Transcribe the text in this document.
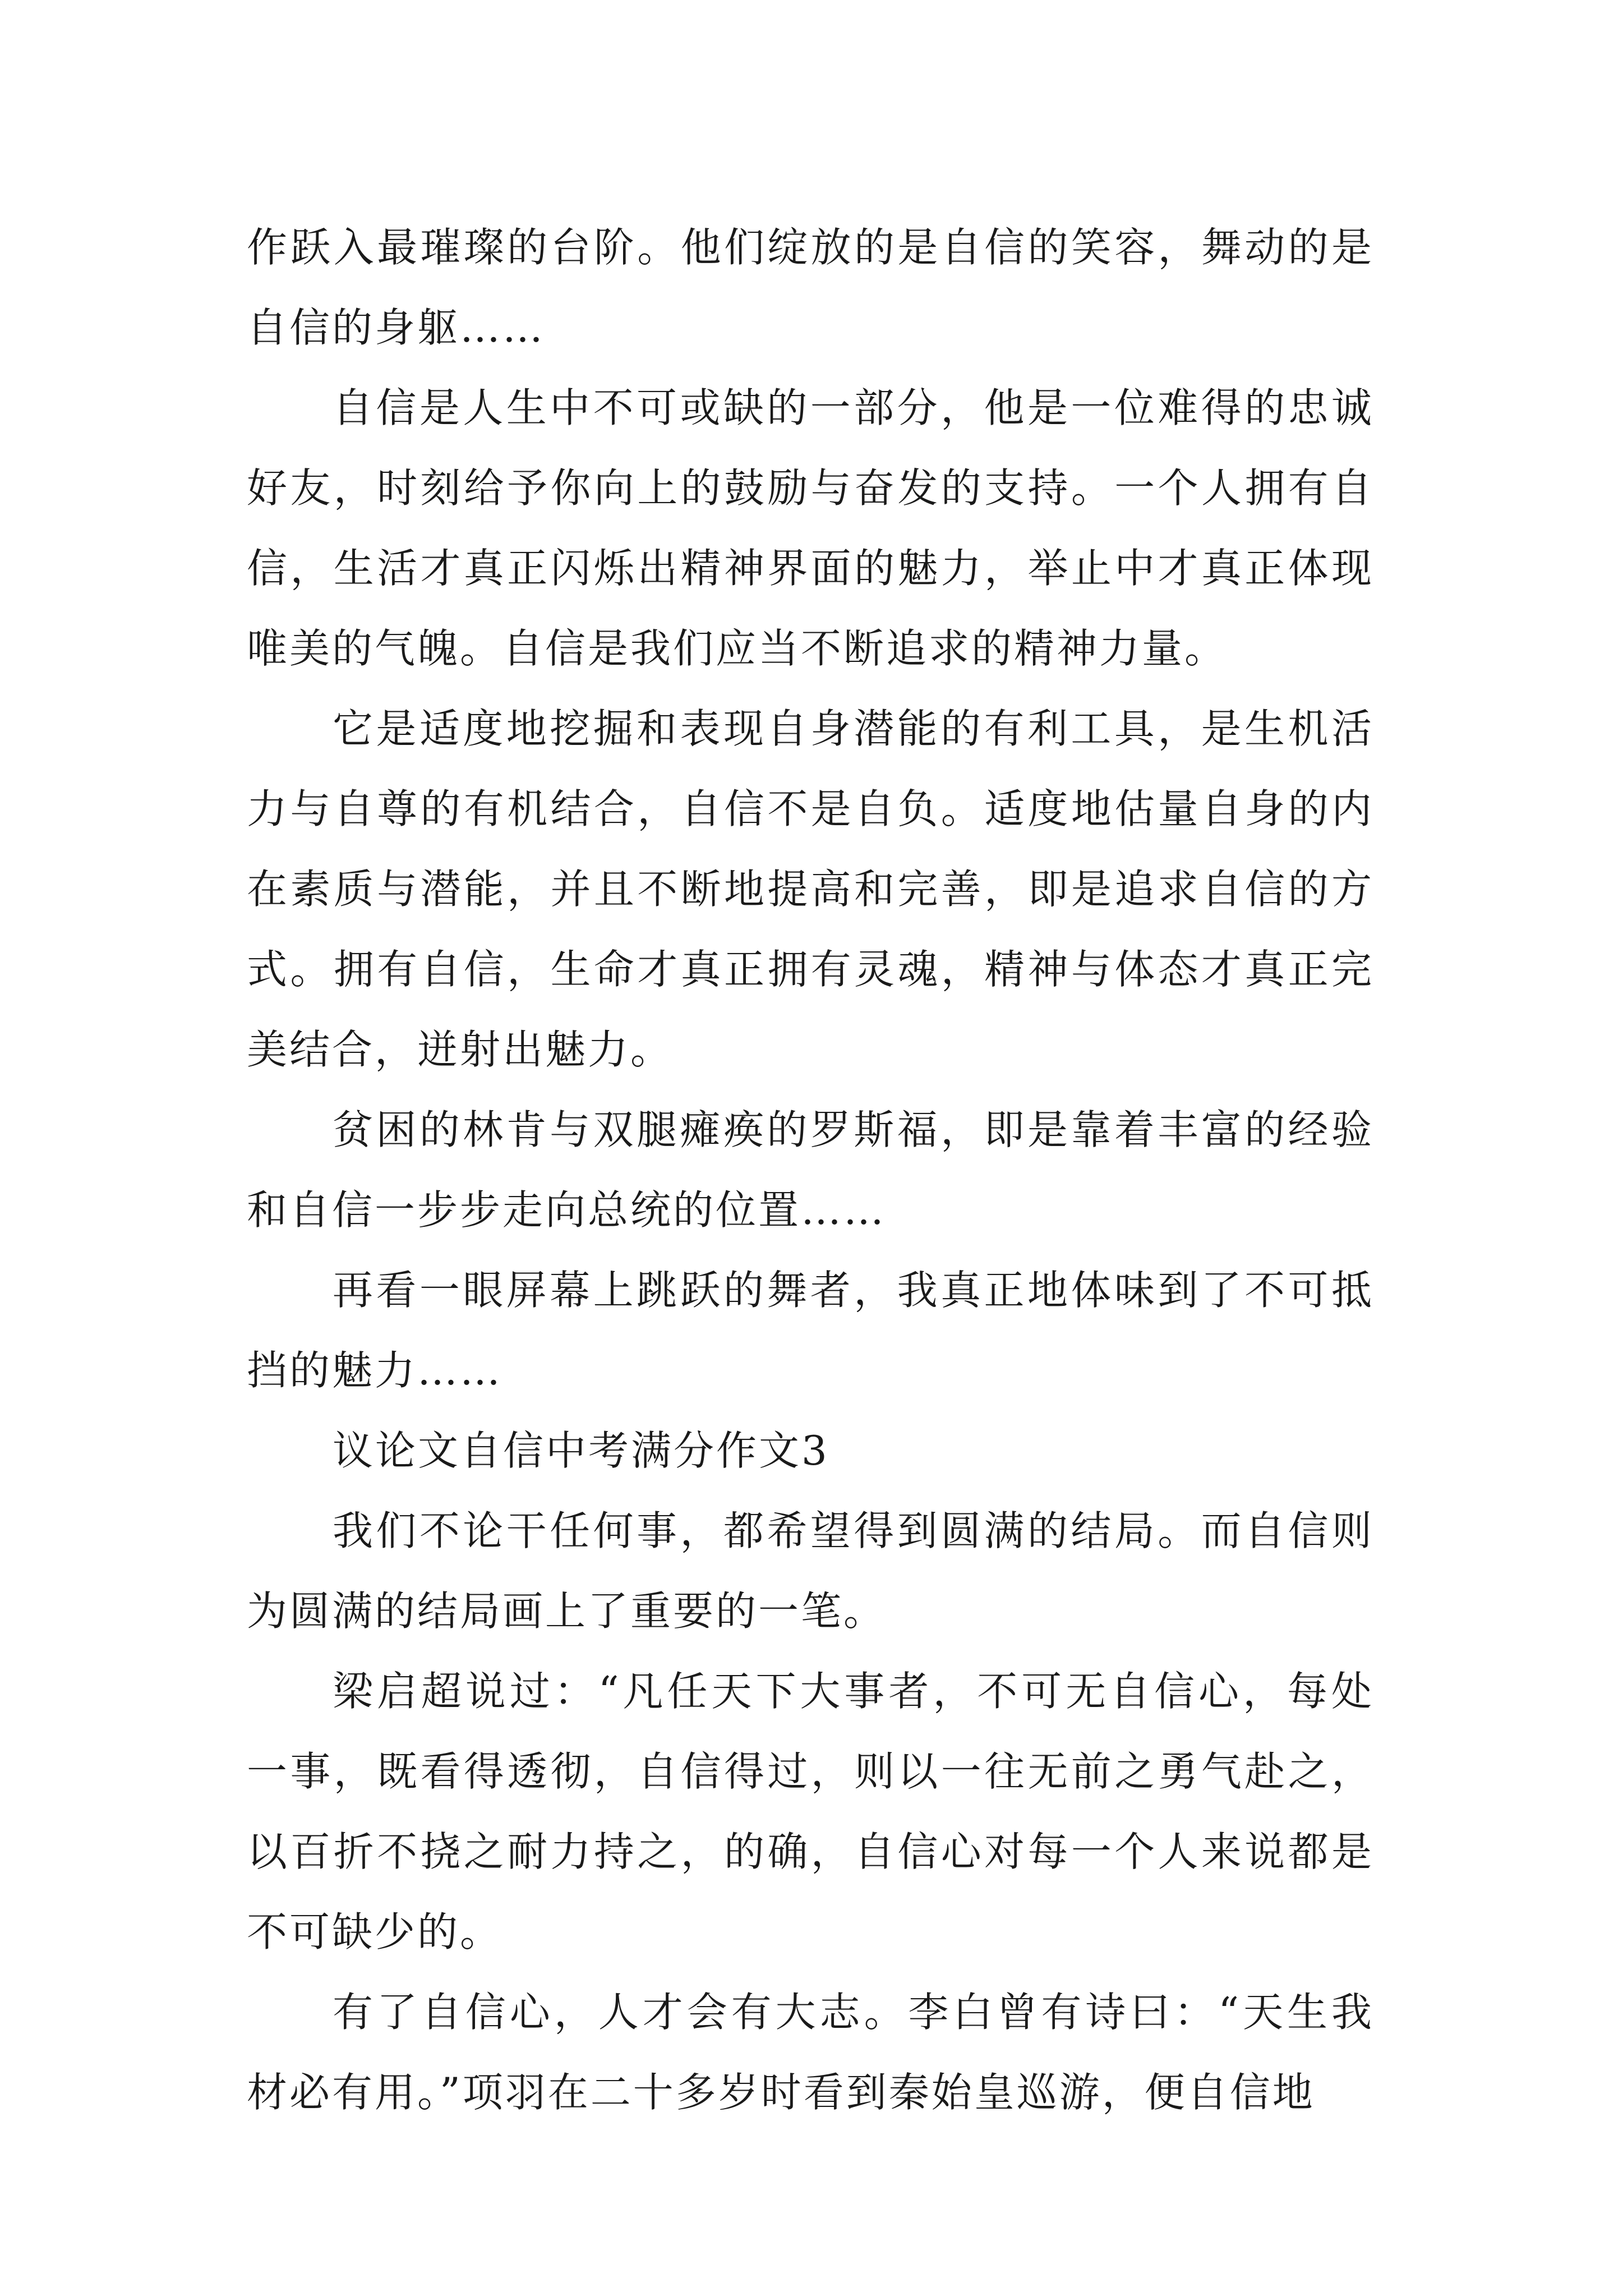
作跃入最璀璨的台阶。他们绽放的是自信的笑容，舞动的是自信的身躯……

自信是人生中不可或缺的一部分，他是一位难得的忠诚好友，时刻给予你向上的鼓励与奋发的支持。一个人拥有自信，生活才真正闪烁出精神界面的魅力，举止中才真正体现唯美的气魄。自信是我们应当不断追求的精神力量。

它是适度地挖掘和表现自身潜能的有利工具，是生机活力与自尊的有机结合，自信不是自负。适度地估量自身的内在素质与潜能，并且不断地提高和完善，即是追求自信的方式。拥有自信，生命才真正拥有灵魂，精神与体态才真正完美结合，迸射出魅力。

贫困的林肯与双腿瘫痪的罗斯福，即是靠着丰富的经验和自信一步步走向总统的位置……

再看一眼屏幕上跳跃的舞者，我真正地体味到了不可抵挡的魅力……

议论文自信中考满分作文3

我们不论干任何事，都希望得到圆满的结局。而自信则为圆满的结局画上了重要的一笔。

梁启超说过：“凡任天下大事者，不可无自信心，每处一事，既看得透彻，自信得过，则以一往无前之勇气赴之，以百折不挠之耐力持之，的确，自信心对每一个人来说都是不可缺少的。

有了自信心，人才会有大志。李白曾有诗曰：“天生我材必有用。”项羽在二十多岁时看到秦始皇巡游，便自信地
